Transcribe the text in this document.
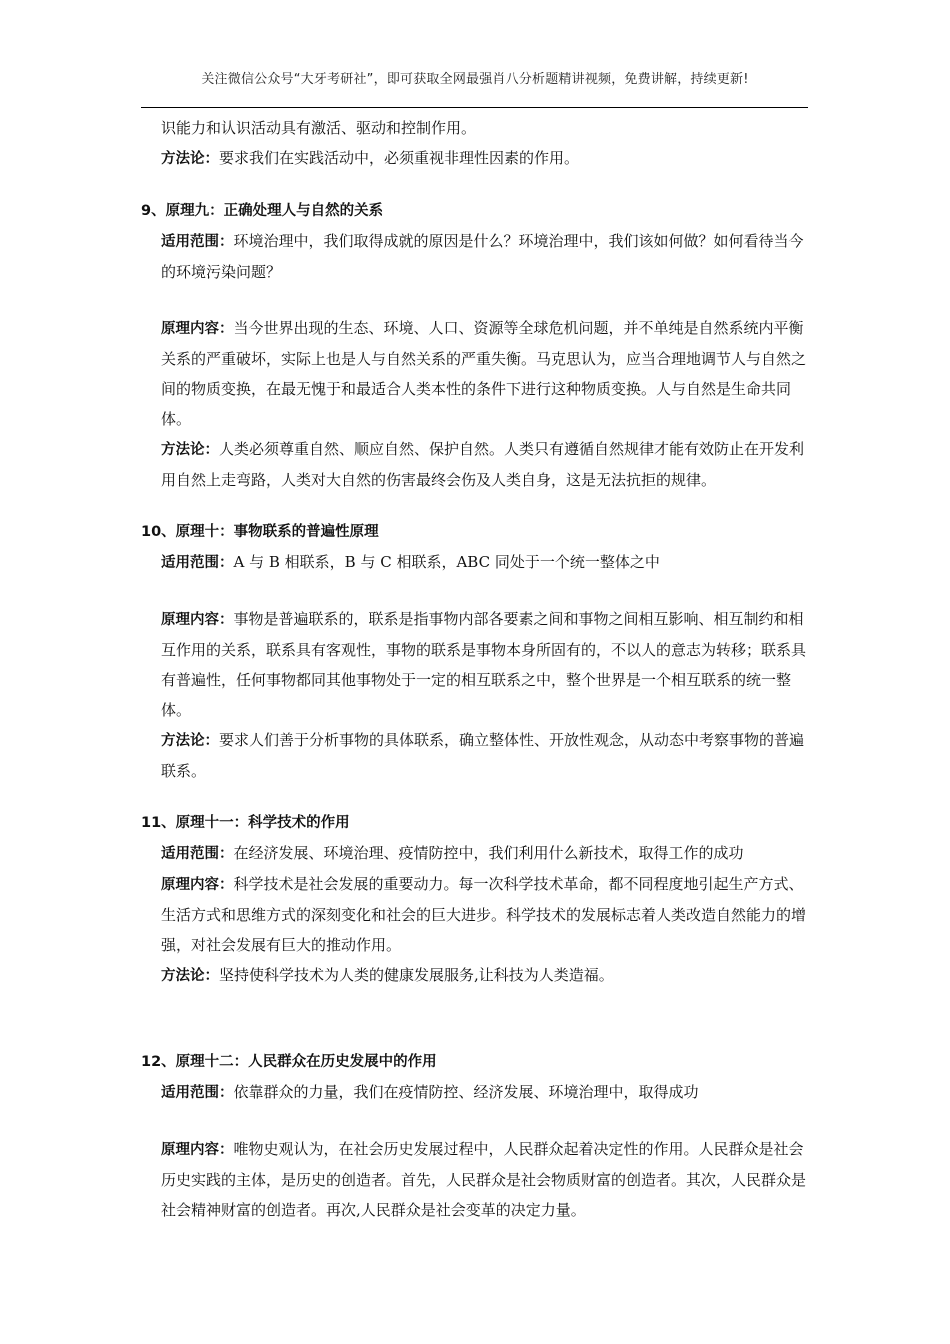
关注微信公众号“大牙考研社”，即可获取全网最强肖八分析题精讲视频，免费讲解，持续更新!

识能力和认识活动具有激活、驱动和控制作用。

方法论：要求我们在实践活动中，必须重视非理性因素的作用。

9、原理九：正确处理人与自然的关系

适用范围：环境治理中，我们取得成就的原因是什么？环境治理中，我们该如何做？如何看待当今的环境污染问题？

原理内容：当今世界出现的生态、环境、人口、资源等全球危机问题，并不单纯是自然系统内平衡关系的严重破坏，实际上也是人与自然关系的严重失衡。马克思认为，应当合理地调节人与自然之间的物质变换，在最无愧于和最适合人类本性的条件下进行这种物质变换。人与自然是生命共同体。

方法论：人类必须尊重自然、顺应自然、保护自然。人类只有遵循自然规律才能有效防止在开发利用自然上走弯路，人类对大自然的伤害最终会伤及人类自身，这是无法抗拒的规律。

10、原理十：事物联系的普遍性原理

适用范围：A 与 B 相联系，B 与 C 相联系，ABC 同处于一个统一整体之中

原理内容：事物是普遍联系的，联系是指事物内部各要素之间和事物之间相互影响、相互制约和相互作用的关系，联系具有客观性，事物的联系是事物本身所固有的，不以人的意志为转移；联系具有普遍性，任何事物都同其他事物处于一定的相互联系之中，整个世界是一个相互联系的统一整体。

方法论：要求人们善于分析事物的具体联系，确立整体性、开放性观念，从动态中考察事物的普遍联系。

11、原理十一：科学技术的作用

适用范围：在经济发展、环境治理、疫情防控中，我们利用什么新技术，取得工作的成功

原理内容：科学技术是社会发展的重要动力。每一次科学技术革命，都不同程度地引起生产方式、生活方式和思维方式的深刻变化和社会的巨大进步。科学技术的发展标志着人类改造自然能力的增强，对社会发展有巨大的推动作用。

方法论：坚持使科学技术为人类的健康发展服务,让科技为人类造福。

12、原理十二：人民群众在历史发展中的作用

适用范围：依靠群众的力量，我们在疫情防控、经济发展、环境治理中，取得成功

原理内容：唯物史观认为，在社会历史发展过程中，人民群众起着决定性的作用。人民群众是社会历史实践的主体，是历史的创造者。首先，人民群众是社会物质财富的创造者。其次，人民群众是社会精神财富的创造者。再次,人民群众是社会变革的决定力量。
